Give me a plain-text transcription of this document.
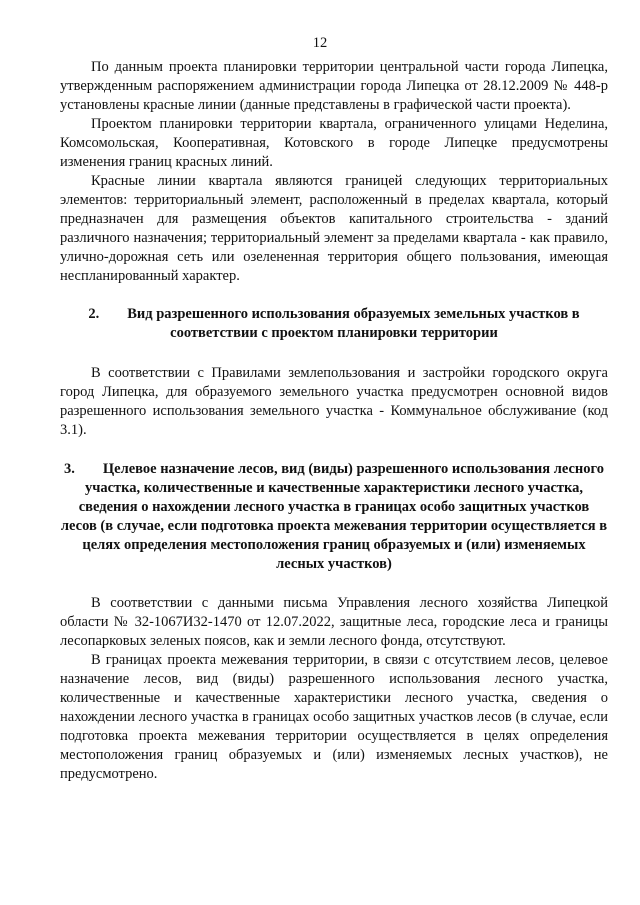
12

По данным проекта планировки территории центральной части города Липецка, утвержденным распоряжением администрации города Липецка от 28.12.2009 № 448-р установлены красные линии (данные представлены в графической части проекта).

Проектом планировки территории квартала, ограниченного улицами Неделина, Комсомольская, Кооперативная, Котовского в городе Липецке предусмотрены изменения границ красных линий.

Красные линии квартала являются границей следующих территориальных элементов: территориальный элемент, расположенный в пределах квартала, который предназначен для размещения объектов капитального строительства - зданий различного назначения; территориальный элемент за пределами квартала - как правило, улично-дорожная сеть или озелененная территория общего пользования, имеющая неспланированный характер.

2. Вид разрешенного использования образуемых земельных участков в соответствии с проектом планировки территории

В соответствии с Правилами землепользования и застройки городского округа город Липецка, для образуемого земельного участка предусмотрен основной видов разрешенного использования земельного участка - Коммунальное обслуживание (код 3.1).

3. Целевое назначение лесов, вид (виды) разрешенного использования лесного участка, количественные и качественные характеристики лесного участка, сведения о нахождении лесного участка в границах особо защитных участков лесов (в случае, если подготовка проекта межевания территории осуществляется в целях определения местоположения границ образуемых и (или) изменяемых лесных участков)

В соответствии с данными письма Управления лесного хозяйства Липецкой области № 32-1067И32-1470 от 12.07.2022, защитные леса, городские леса и границы лесопарковых зеленых поясов, как и земли лесного фонда, отсутствуют.

В границах проекта межевания территории, в связи с отсутствием лесов, целевое назначение лесов, вид (виды) разрешенного использования лесного участка, количественные и качественные характеристики лесного участка, сведения о нахождении лесного участка в границах особо защитных участков лесов (в случае, если подготовка проекта межевания территории осуществляется в целях определения местоположения границ образуемых и (или) изменяемых лесных участков), не предусмотрено.
